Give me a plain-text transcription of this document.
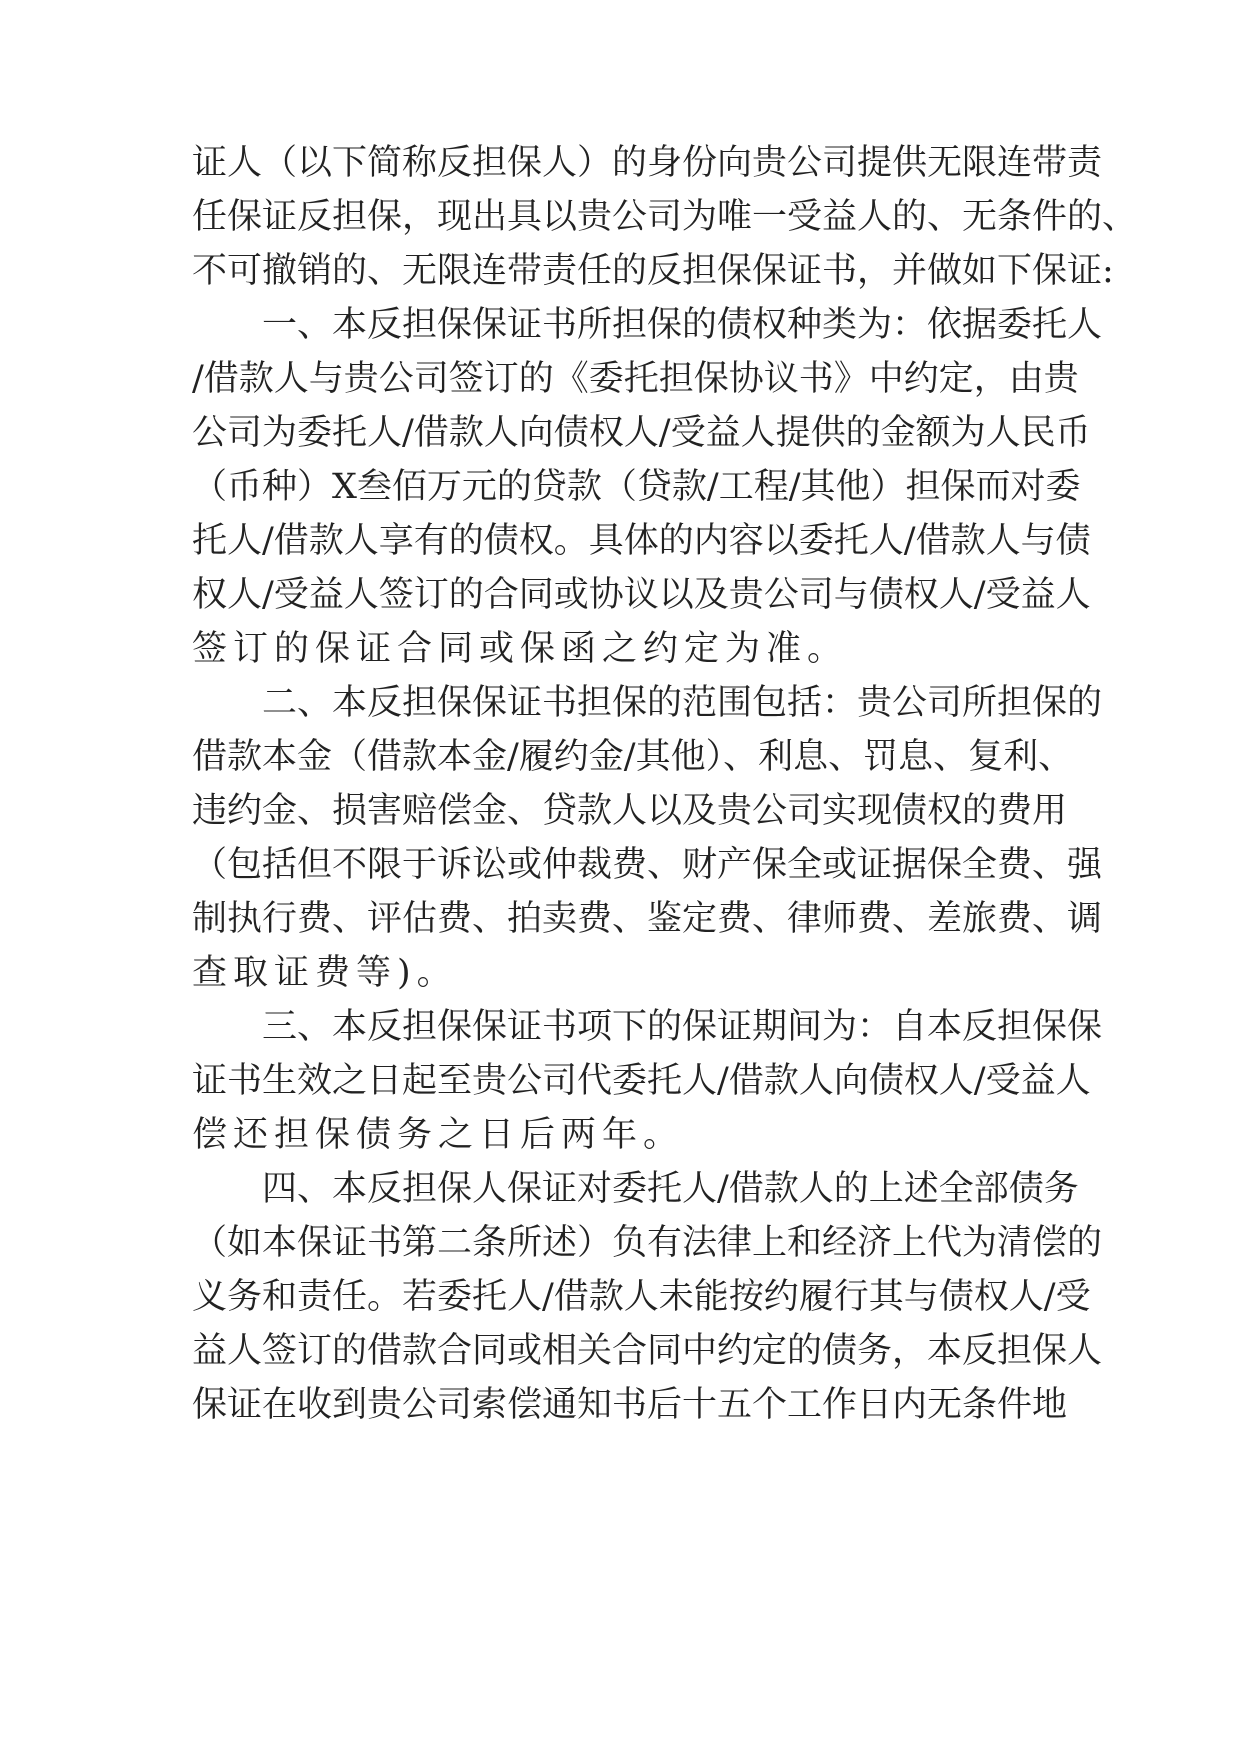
证人（以下简称反担保人）的身份向贵公司提供无限连带责
任保证反担保，现出具以贵公司为唯一受益人的、无条件的、
不可撤销的、无限连带责任的反担保保证书，并做如下保证:
一、本反担保保证书所担保的债权种类为：依据委托人
/借款人与贵公司签订的《委托担保协议书》中约定，由贵
公司为委托人/借款人向债权人/受益人提供的金额为人民币
（币种）X叁佰万元的贷款（贷款/工程/其他）担保而对委
托人/借款人享有的债权。具体的内容以委托人/借款人与债
权人/受益人签订的合同或协议以及贵公司与债权人/受益人
签订的保证合同或保函之约定为准。
二、本反担保保证书担保的范围包括：贵公司所担保的
借款本金（借款本金/履约金/其他）、利息、罚息、复利、
违约金、损害赔偿金、贷款人以及贵公司实现债权的费用
（包括但不限于诉讼或仲裁费、财产保全或证据保全费、强
制执行费、评估费、拍卖费、鉴定费、律师费、差旅费、调
查取证费等)。
三、本反担保保证书项下的保证期间为：自本反担保保
证书生效之日起至贵公司代委托人/借款人向债权人/受益人
偿还担保债务之日后两年。
四、本反担保人保证对委托人/借款人的上述全部债务
（如本保证书第二条所述）负有法律上和经济上代为清偿的
义务和责任。若委托人/借款人未能按约履行其与债权人/受
益人签订的借款合同或相关合同中约定的债务，本反担保人
保证在收到贵公司索偿通知书后十五个工作日内无条件地
